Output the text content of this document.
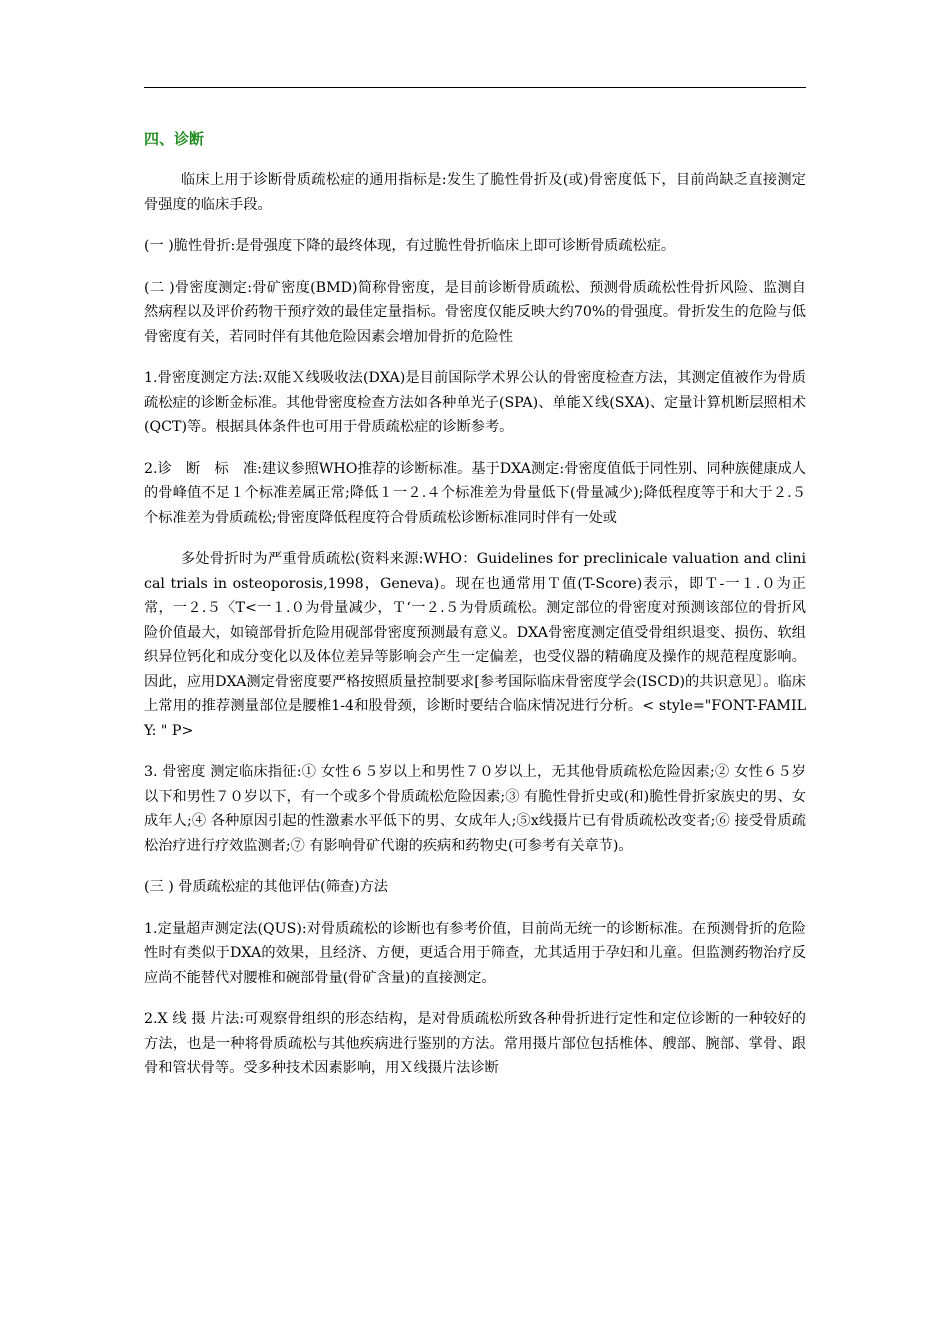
四、诊断

临床上用于诊断骨质疏松症的通用指标是:发生了脆性骨折及(或)骨密度低下，目前尚缺乏直接测定骨强度的临床手段。

(一 )脆性骨折:是骨强度下降的最终体现，有过脆性骨折临床上即可诊断骨质疏松症。

(二 )骨密度测定:骨矿密度(BMD)简称骨密度，是目前诊断骨质疏松、预测骨质疏松性骨折风险、监测自然病程以及评价药物干预疗效的最佳定量指标。骨密度仅能反映大约70%的骨强度。骨折发生的危险与低骨密度有关，若同时伴有其他危险因素会增加骨折的危险性

1.骨密度测定方法:双能Ｘ线吸收法(DXA)是目前国际学术界公认的骨密度检查方法，其测定值被作为骨质疏松症的诊断金标准。其他骨密度检查方法如各种单光子(SPA)、单能Ｘ线(SXA)、定量计算机断层照相术(QCT)等。根据具体条件也可用于骨质疏松症的诊断参考。

2.诊　断　标　准:建议参照WHO推荐的诊断标准。基于DXA测定:骨密度值低于同性别、同种族健康成人的骨峰值不足１个标准差属正常;降低１一２.４个标准差为骨量低下(骨量减少);降低程度等于和大于２.５个标准差为骨质疏松;骨密度降低程度符合骨质疏松诊断标准同时伴有一处或

多处骨折时为严重骨质疏松(资料来源:WHO：Guidelines for preclinicale valuation and clinical trials in osteoporosis,1998，Geneva)。现在也通常用Ｔ值(T-Score)表示，即Ｔ-一１.０为正常，一２.５〈T<一１.０为骨量减少，Ｔ‘一２.５为骨质疏松。测定部位的骨密度对预测该部位的骨折风险价值最大，如镜部骨折危险用砚部骨密度预测最有意义。DXA骨密度测定值受骨组织退变、损伤、软组织异位钙化和成分变化以及体位差异等影响会产生一定偏差，也受仪器的精确度及操作的规范程度影响。因此，应用DXA测定骨密度要严格按照质量控制要求[参考国际临床骨密度学会(ISCD)的共识意见〕。临床上常用的推荐测量部位是腰椎1-4和股骨颈，诊断时要结合临床情况进行分析。< style="FONT-FAMILY: " P>

3. 骨密度 测定临床指征:① 女性６５岁以上和男性７０岁以上，无其他骨质疏松危险因素;② 女性６５岁以下和男性７０岁以下，有一个或多个骨质疏松危险因素;③ 有脆性骨折史或(和)脆性骨折家族史的男、女成年人;④ 各种原因引起的性激素水平低下的男、女成年人;⑤x线摄片已有骨质疏松改变者;⑥ 接受骨质疏松治疗进行疗效监测者;⑦ 有影响骨矿代谢的疾病和药物史(可参考有关章节)。

(三 ) 骨质疏松症的其他评估(筛查)方法

1.定量超声测定法(QUS):对骨质疏松的诊断也有参考价值，目前尚无统一的诊断标准。在预测骨折的危险性时有类似于DXA的效果，且经济、方便，更适合用于筛查，尤其适用于孕妇和儿童。但监测药物治疗反应尚不能替代对腰椎和碗部骨量(骨矿含量)的直接测定。

2.X 线 摄 片法:可观察骨组织的形态结构，是对骨质疏松所致各种骨折进行定性和定位诊断的一种较好的方法，也是一种将骨质疏松与其他疾病进行鉴别的方法。常用摄片部位包括椎体、艘部、腕部、掌骨、跟骨和管状骨等。受多种技术因素影响，用Ｘ线摄片法诊断
